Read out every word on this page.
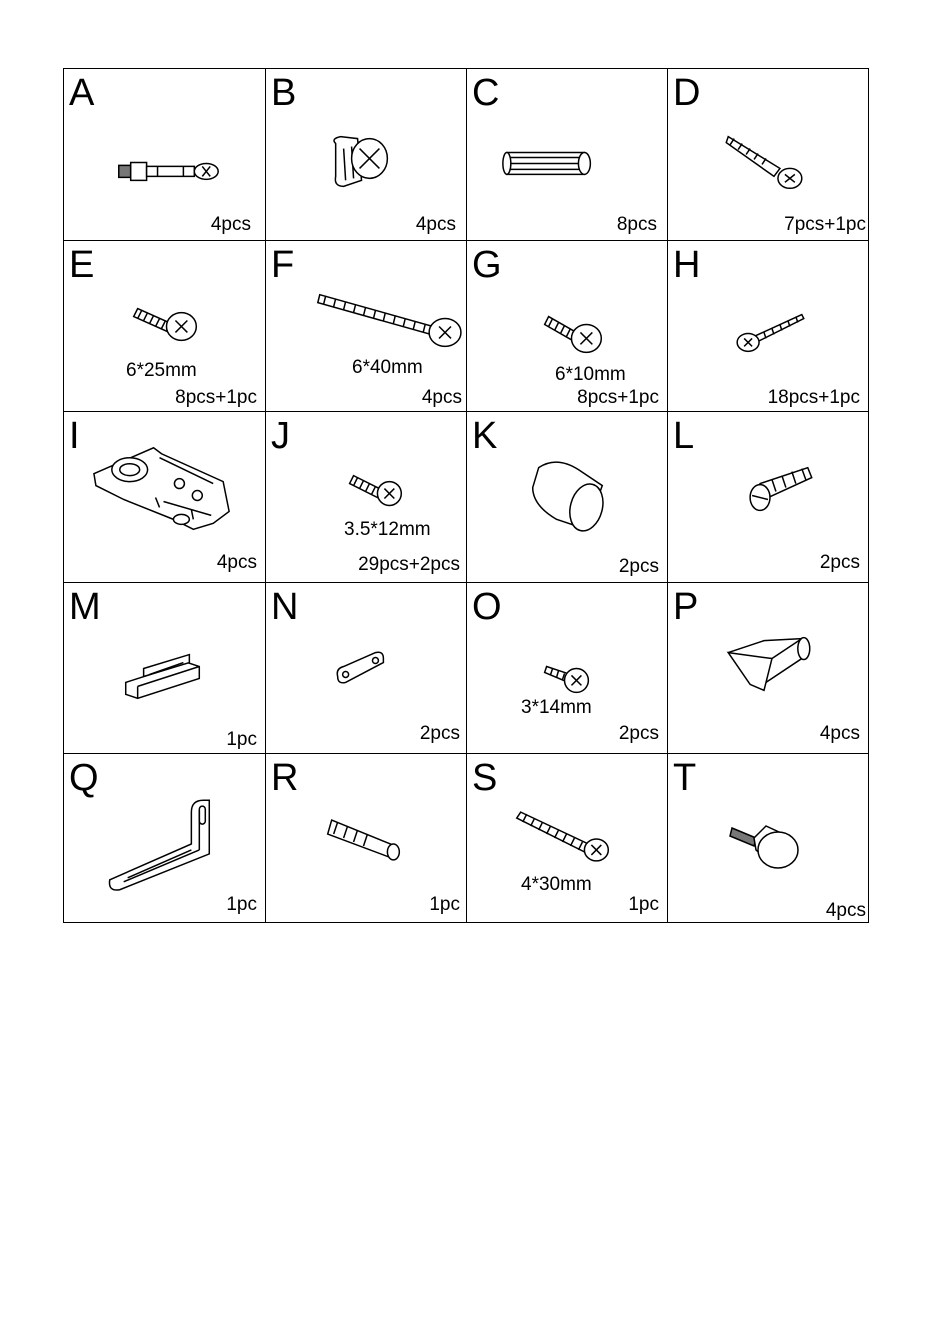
A
4pcs
B
4pcs
C
8pcs
D
7pcs+1pc
E
6*25mm
8pcs+1pc
F
6*40mm
4pcs
G
6*10mm
8pcs+1pc
H
18pcs+1pc
I
4pcs
J
3.5*12mm
29pcs+2pcs
K
2pcs
L
2pcs
M
1pc
N
2pcs
O
3*14mm
2pcs
P
4pcs
Q
1pc
R
1pc
S
4*30mm
1pc
T
4pcs
